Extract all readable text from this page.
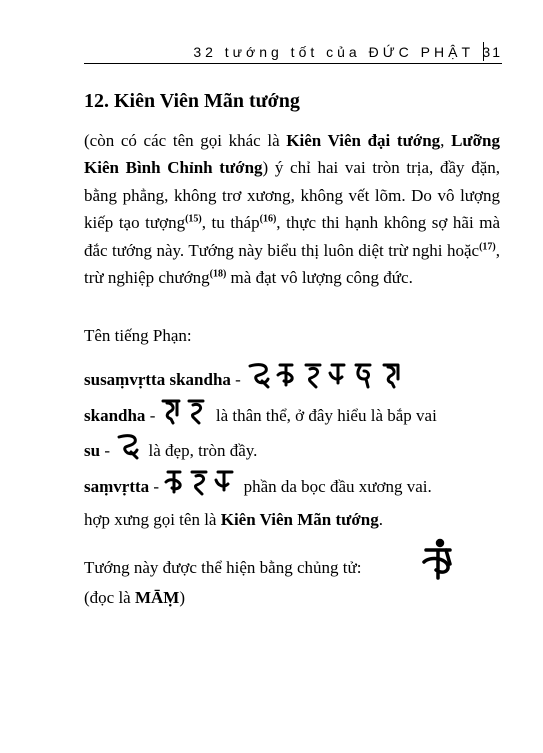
32 tướng tốt của ĐỨC PHẬT 31
12. Kiên Viên Mãn tướng

(còn có các tên gọi khác là Kiên Viên đại tướng, Lưỡng Kiên Bình Chỉnh tướng) ý chỉ hai vai tròn trịa, đầy đặn, bằng phẳng, không trơ xương, không vết lõm. Do vô lượng kiếp tạo tượng$^{(15)}$, tu tháp$^{(16)}$, thực thi hạnh không sợ hãi mà đắc tướng này. Tướng này biểu thị luôn diệt trừ nghi hoặc$^{(17)}$, trừ nghiệp chướng$^{(18)}$ mà đạt vô lượng công đức.

Tên tiếng Phạn:
susaṃvṛtta skandha -
skandha -	là thân thể, ở đây hiểu là bắp vai
su -
là đẹp, tròn đầy.
saṃvṛtta -	phần da bọc đầu xương vai.
hợp xưng gọi tên là Kiên Viên Mãn tướng.
Tướng này được thể hiện bằng chủng tử:
(đọc là MĀṂ)
